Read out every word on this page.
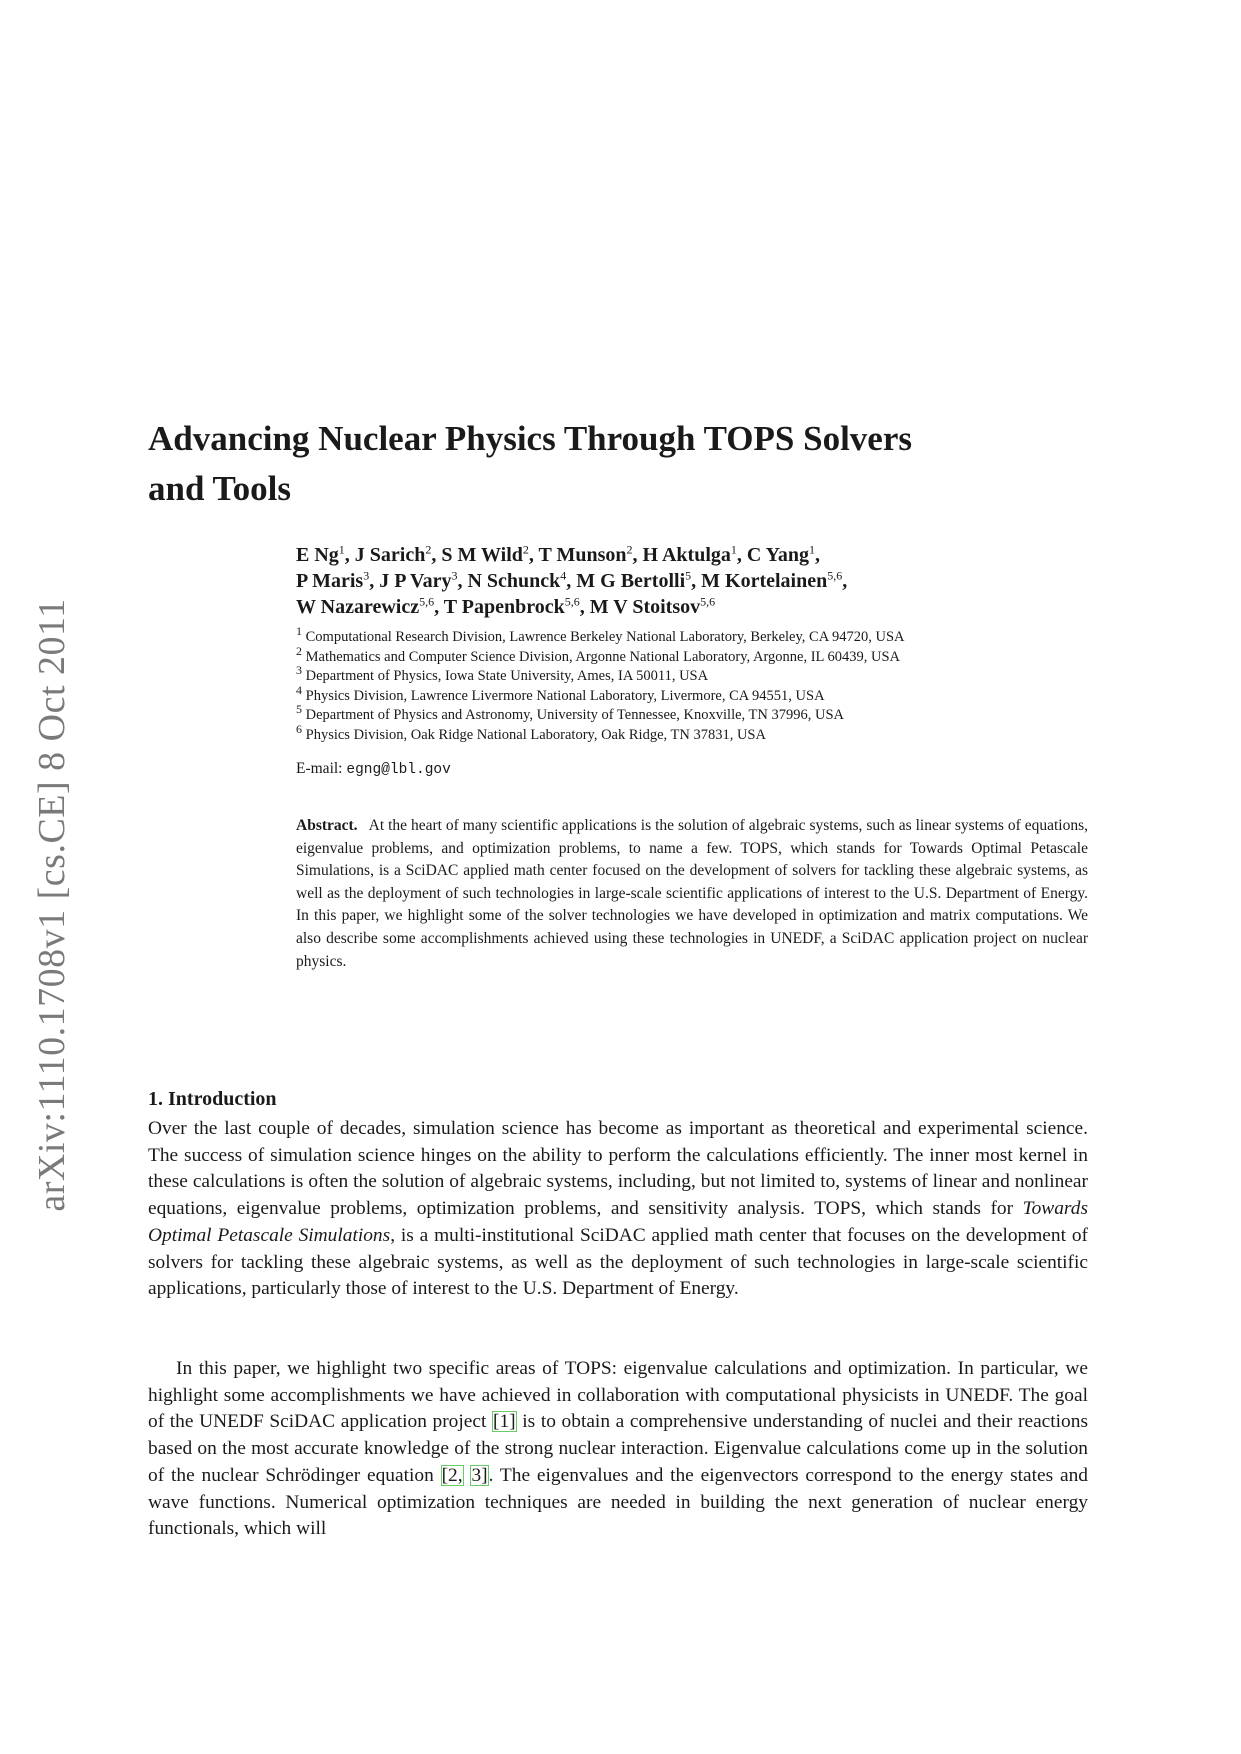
arXiv:1110.1708v1 [cs.CE] 8 Oct 2011
Advancing Nuclear Physics Through TOPS Solvers
and Tools

E Ng$^1$, J Sarich$^2$, S M Wild$^2$, T Munson$^2$, H Aktulga$^1$, C Yang$^1$,
P Maris$^3$, J P Vary$^3$, N Schunck$^4$, M G Bertolli$^5$, M Kortelainen$^{5,6}$,
W Nazarewicz$^{5,6}$, T Papenbrock$^{5,6}$, M V Stoitsov$^{5,6}$

$^1$ Computational Research Division, Lawrence Berkeley National Laboratory, Berkeley, CA 94720, USA
$^2$ Mathematics and Computer Science Division, Argonne National Laboratory, Argonne, IL 60439, USA
$^3$ Department of Physics, Iowa State University, Ames, IA 50011, USA
$^4$ Physics Division, Lawrence Livermore National Laboratory, Livermore, CA 94551, USA
$^5$ Department of Physics and Astronomy, University of Tennessee, Knoxville, TN 37996, USA
$^6$ Physics Division, Oak Ridge National Laboratory, Oak Ridge, TN 37831, USA
E-mail: egng@lbl.gov

Abstract. At the heart of many scientific applications is the solution of algebraic systems, such as linear systems of equations, eigenvalue problems, and optimization problems, to name a few. TOPS, which stands for Towards Optimal Petascale Simulations, is a SciDAC applied math center focused on the development of solvers for tackling these algebraic systems, as well as the deployment of such technologies in large-scale scientific applications of interest to the U.S. Department of Energy. In this paper, we highlight some of the solver technologies we have developed in optimization and matrix computations. We also describe some accomplishments achieved using these technologies in UNEDF, a SciDAC application project on nuclear physics.

1. Introduction

Over the last couple of decades, simulation science has become as important as theoretical and experimental science. The success of simulation science hinges on the ability to perform the calculations efficiently. The inner most kernel in these calculations is often the solution of algebraic systems, including, but not limited to, systems of linear and nonlinear equations, eigenvalue problems, optimization problems, and sensitivity analysis. TOPS, which stands for Towards Optimal Petascale Simulations, is a multi-institutional SciDAC applied math center that focuses on the development of solvers for tackling these algebraic systems, as well as the deployment of such technologies in large-scale scientific applications, particularly those of interest to the U.S. Department of Energy.

In this paper, we highlight two specific areas of TOPS: eigenvalue calculations and optimization. In particular, we highlight some accomplishments we have achieved in collaboration with computational physicists in UNEDF. The goal of the UNEDF SciDAC application project [1] is to obtain a comprehensive understanding of nuclei and their reactions based on the most accurate knowledge of the strong nuclear interaction. Eigenvalue calculations come up in the solution of the nuclear Schrödinger equation [2, 3]. The eigenvalues and the eigenvectors correspond to the energy states and wave functions. Numerical optimization techniques are needed in building the next generation of nuclear energy functionals, which will
